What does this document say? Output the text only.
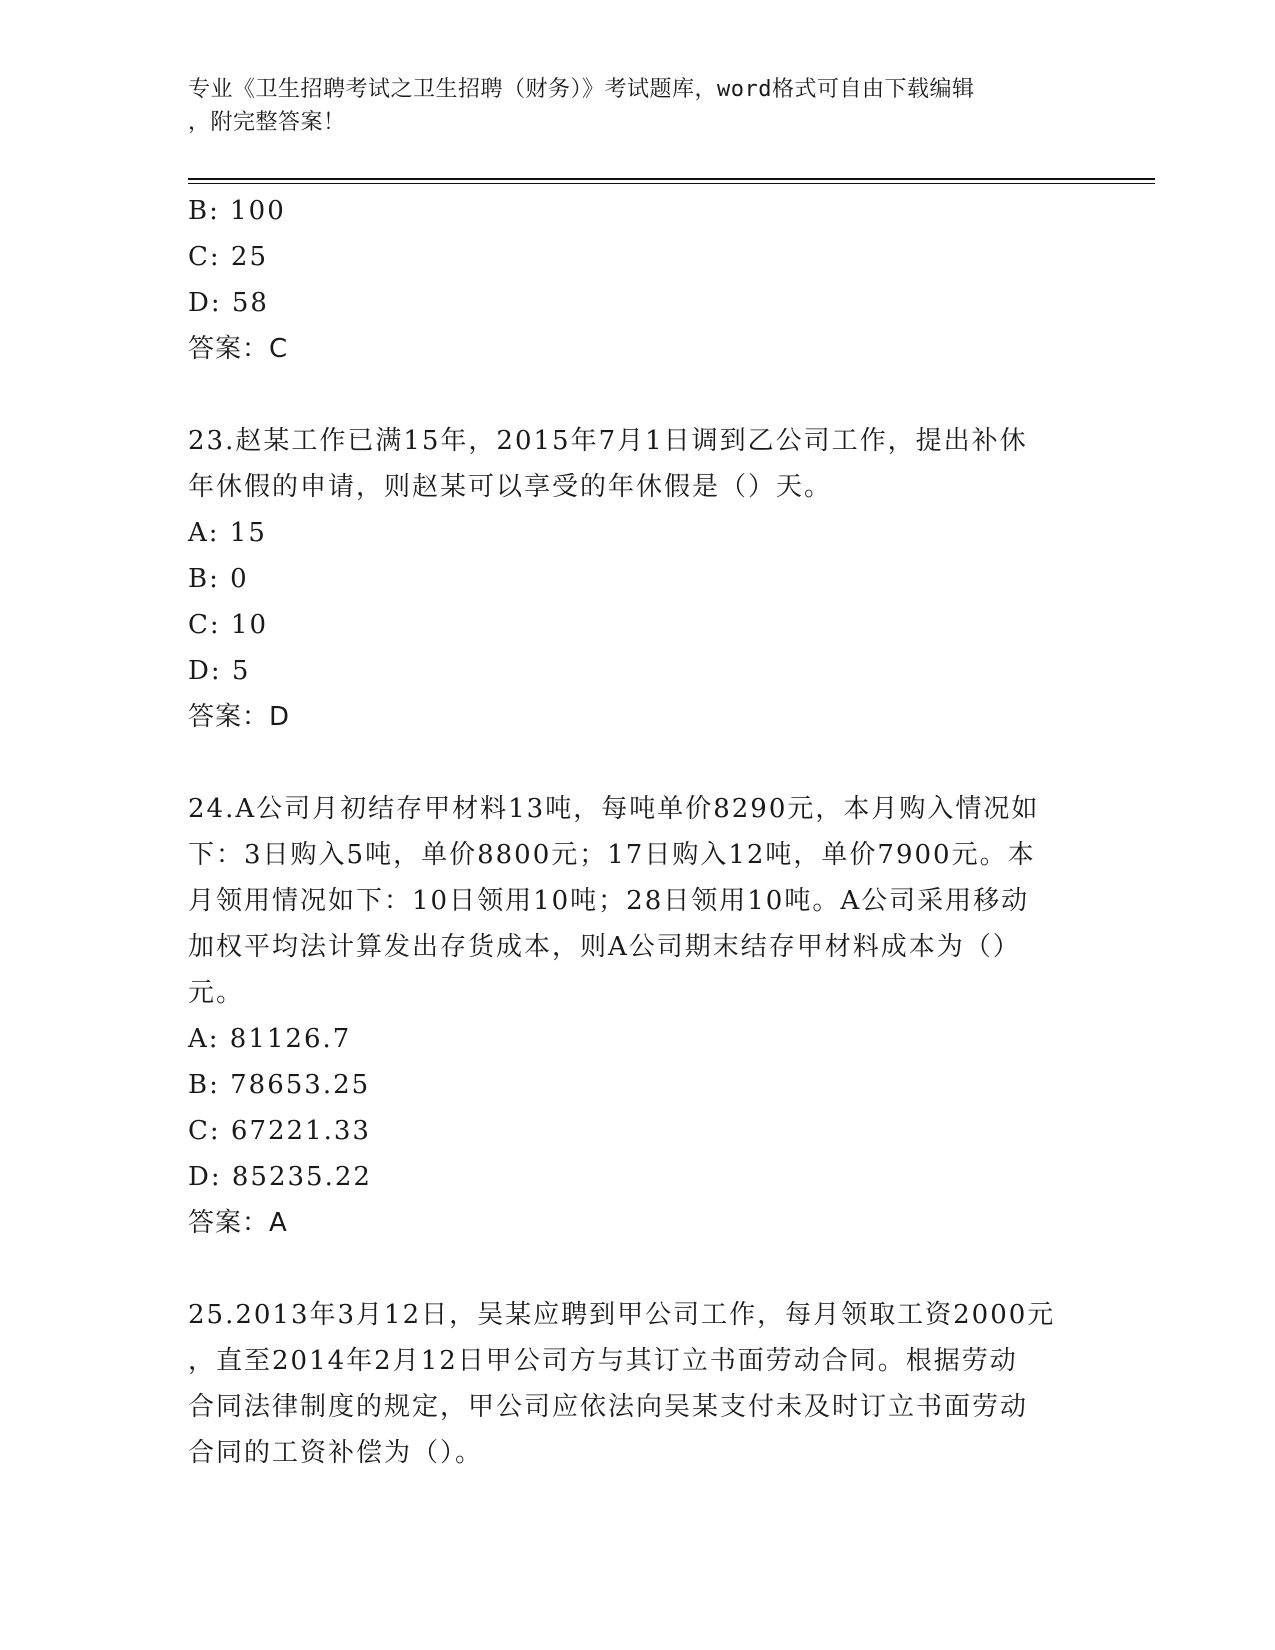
专业《卫生招聘考试之卫生招聘（财务）》考试题库，word格式可自由下载编辑
，附完整答案！
B: 100
C: 25
D: 58
答案：C
23.赵某工作已满15年，2015年7月1日调到乙公司工作，提出补休
年休假的申请，则赵某可以享受的年休假是（）天。
A: 15
B: 0
C: 10
D: 5
答案：D
24.A公司月初结存甲材料13吨，每吨单价8290元，本月购入情况如
下：3日购入5吨，单价8800元；17日购入12吨，单价7900元。本
月领用情况如下：10日领用10吨；28日领用10吨。A公司采用移动
加权平均法计算发出存货成本，则A公司期末结存甲材料成本为（）
元。
A: 81126.7
B: 78653.25
C: 67221.33
D: 85235.22
答案：A
25.2013年3月12日，吴某应聘到甲公司工作，每月领取工资2000元
，直至2014年2月12日甲公司方与其订立书面劳动合同。根据劳动
合同法律制度的规定，甲公司应依法向吴某支付未及时订立书面劳动
合同的工资补偿为（）。
